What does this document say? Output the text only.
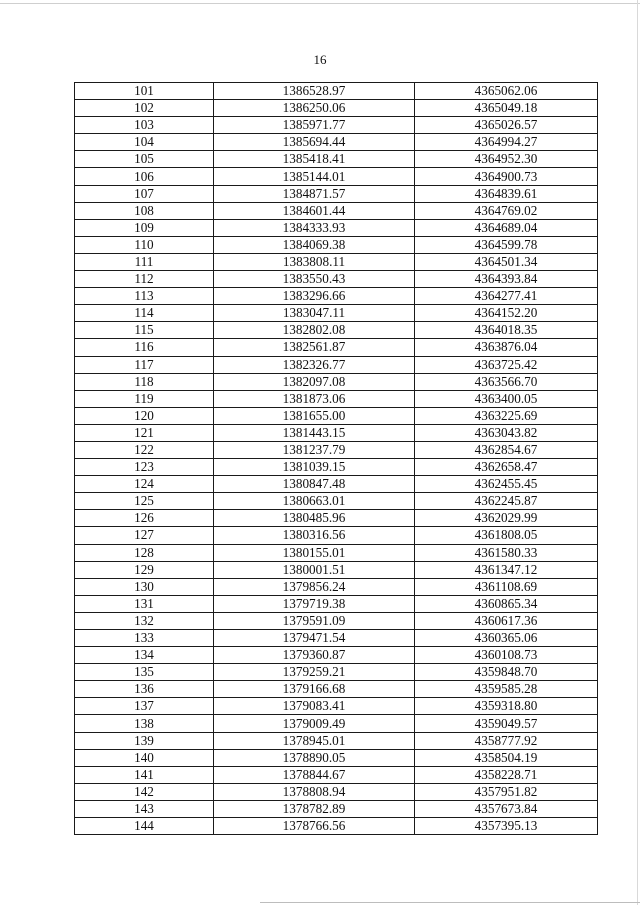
16
101	1386528.97	4365062.06
102	1386250.06	4365049.18
103	1385971.77	4365026.57
104	1385694.44	4364994.27
105	1385418.41	4364952.30
106	1385144.01	4364900.73
107	1384871.57	4364839.61
108	1384601.44	4364769.02
109	1384333.93	4364689.04
110	1384069.38	4364599.78
111	1383808.11	4364501.34
112	1383550.43	4364393.84
113	1383296.66	4364277.41
114	1383047.11	4364152.20
115	1382802.08	4364018.35
116	1382561.87	4363876.04
117	1382326.77	4363725.42
118	1382097.08	4363566.70
119	1381873.06	4363400.05
120	1381655.00	4363225.69
121	1381443.15	4363043.82
122	1381237.79	4362854.67
123	1381039.15	4362658.47
124	1380847.48	4362455.45
125	1380663.01	4362245.87
126	1380485.96	4362029.99
127	1380316.56	4361808.05
128	1380155.01	4361580.33
129	1380001.51	4361347.12
130	1379856.24	4361108.69
131	1379719.38	4360865.34
132	1379591.09	4360617.36
133	1379471.54	4360365.06
134	1379360.87	4360108.73
135	1379259.21	4359848.70
136	1379166.68	4359585.28
137	1379083.41	4359318.80
138	1379009.49	4359049.57
139	1378945.01	4358777.92
140	1378890.05	4358504.19
141	1378844.67	4358228.71
142	1378808.94	4357951.82
143	1378782.89	4357673.84
144	1378766.56	4357395.13
